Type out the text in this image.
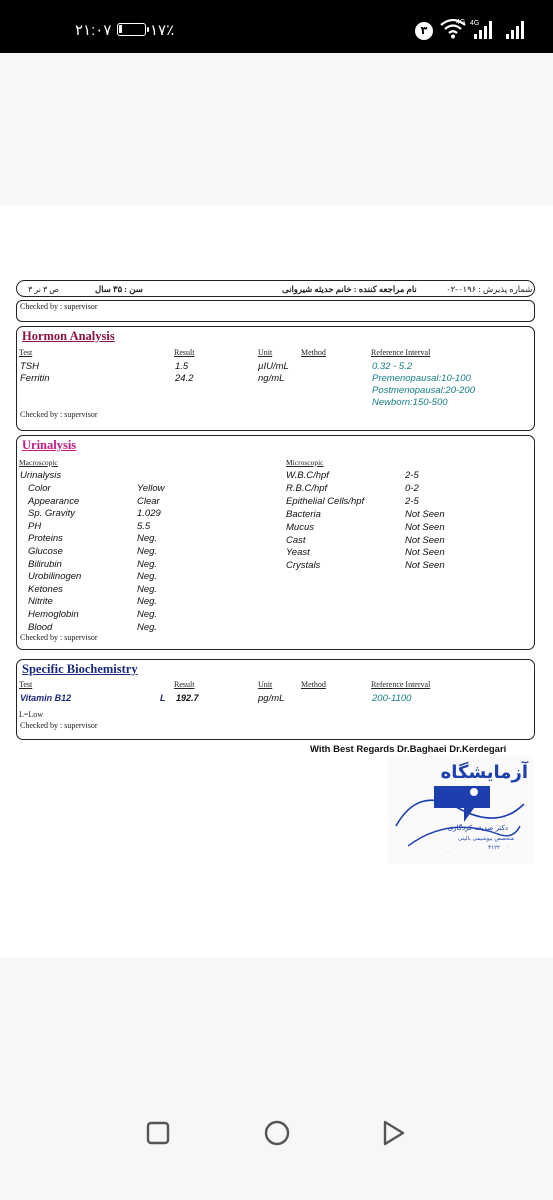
۲۱:۰۷	۱۷٪	۳
4G 4G
ص ۳ نر ۳	سن : ۳۵ سال	نام مراجعه کننده : خانم حدیثه شیروانی	شماره پذیرش : ۰۱۹۶-۰۲
Checked by : supervisor
Hormon Analysis
Test	Result	Unit	Method	Reference Interval
TSH	1.5	µIU/mL	0.32 - 5.2
Ferritin	24.2	ng/mL	Premenopausal:10-100
Postmenopausal:20-200
Newborn:150-500
Checked by : supervisor
Urinalysis
Macroscopic	Microscopic
Urinalysis
Checked by : supervisor
Specific Biochemistry
Test	Result	Unit	Method	Reference Interval
Vitamin B12	L 192.7	pg/mL	200-1100
L=Low
Checked by : supervisor
With Best Regards Dr.Baghaei Dr.Kerdegari
آزمایشگاه
دکتر صدیقه کردگاری
متخصص بیوشیمی بالینی
۳۱۲۲
Color	Yellow
Appearance	Clear
Sp. Gravity	1.029
PH	5.5
Proteins	Neg.
Glucose	Neg.
Bilirubin	Neg.
Urobilinogen	Neg.
Ketones	Neg.
Nitrite	Neg.
Hemoglobin	Neg.
Blood	Neg.
W.B.C/hpf	2-5
R.B.C/hpf	0-2
Epithelial Cells/hpf	2-5
Bacteria	Not Seen
Mucus	Not Seen
Cast	Not Seen
Yeast	Not Seen
Crystals	Not Seen
